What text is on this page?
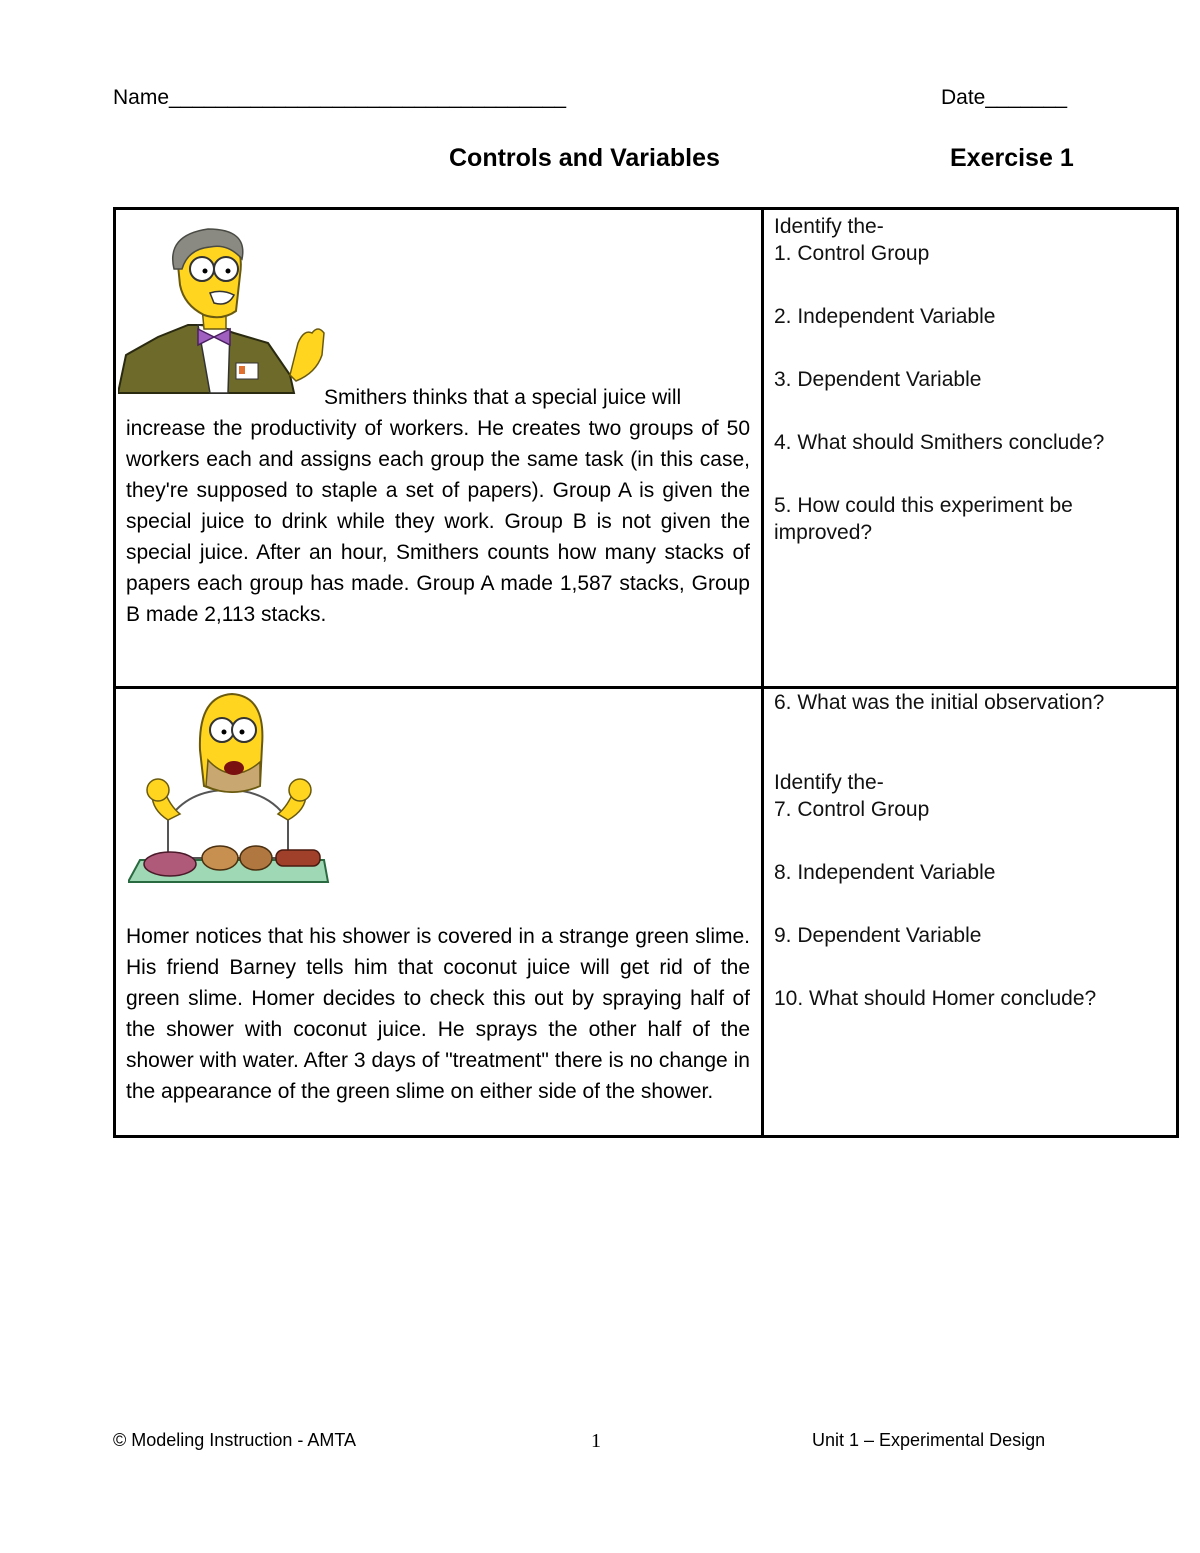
Name__________________________________	Date_______
Controls and Variables	Exercise 1
Smithers thinks that a special juice will
increase the productivity of workers. He creates two groups of 50 workers each and assigns each group the same task (in this case, they're supposed to staple a set of papers). Group A is given the special juice to drink while they work. Group B is not given the special juice. After an hour, Smithers counts how many stacks of papers each group has made. Group A made 1,587 stacks, Group B made 2,113 stacks.
Identify the-
1. Control Group
2. Independent Variable
3. Dependent Variable
4. What should Smithers conclude?
5. How could this experiment be improved?
Homer notices that his shower is covered in a strange green slime. His friend Barney tells him that coconut juice will get rid of the green slime. Homer decides to check this out by spraying half of the shower with coconut juice. He sprays the other half of the shower with water. After 3 days of "treatment" there is no change in the appearance of the green slime on either side of the shower.
6. What was the initial observation?
Identify the-
7. Control Group
8. Independent Variable
9. Dependent Variable
10. What should Homer conclude?
© Modeling Instruction - AMTA	1	Unit 1 – Experimental Design
